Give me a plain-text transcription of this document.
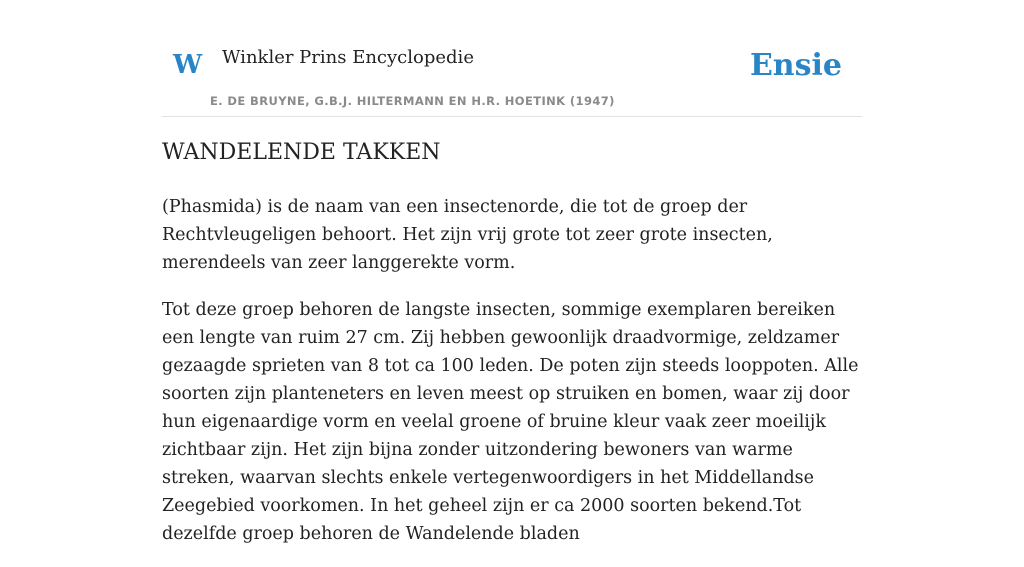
W Winkler Prins Encyclopedie
E. DE BRUYNE, G.B.J. HILTERMANN EN H.R. HOETINK (1947)
Ensie
WANDELENDE TAKKEN

(Phasmida) is de naam van een insectenorde, die tot de groep der Rechtvleugeligen behoort. Het zijn vrij grote tot zeer grote insecten, merendeels van zeer langgerekte vorm.

Tot deze groep behoren de langste insecten, sommige exemplaren bereiken een lengte van ruim 27 cm. Zij hebben gewoonlijk draadvormige, zeldzamer gezaagde sprieten van 8 tot ca 100 leden. De poten zijn steeds looppoten. Alle soorten zijn planteneters en leven meest op struiken en bomen, waar zij door hun eigenaardige vorm en veelal groene of bruine kleur vaak zeer moeilijk zichtbaar zijn. Het zijn bijna zonder uitzondering bewoners van warme streken, waarvan slechts enkele vertegenwoordigers in het Middellandse Zeegebied voorkomen. In het geheel zijn er ca 2000 soorten bekend.Tot dezelfde groep behoren de Wandelende bladen
